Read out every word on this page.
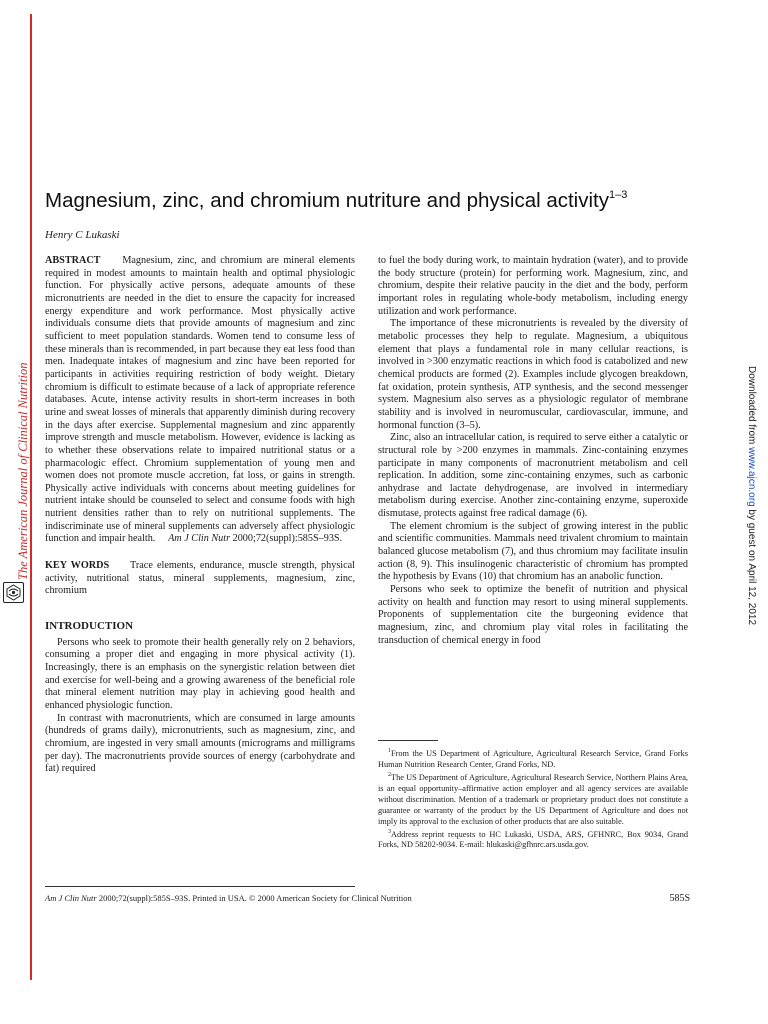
The American Journal of Clinical Nutrition	Downloaded from www.ajcn.org by guest on April 12, 2012
Magnesium, zinc, and chromium nutriture and physical activity$^{1-3}$
Henry C Lukaski

ABSTRACT Magnesium, zinc, and chromium are mineral elements required in modest amounts to maintain health and optimal physiologic function. For physically active persons, adequate amounts of these micronutrients are needed in the diet to ensure the capacity for increased energy expenditure and work performance. Most physically active individuals consume diets that provide amounts of magnesium and zinc sufficient to meet population standards. Women tend to consume less of these minerals than is recommended, in part because they eat less food than men. Inadequate intakes of magnesium and zinc have been reported for participants in activities requiring restriction of body weight. Dietary chromium is difficult to estimate because of a lack of appropriate reference databases. Acute, intense activity results in short-term increases in both urine and sweat losses of minerals that apparently diminish during recovery in the days after exercise. Supplemental magnesium and zinc apparently improve strength and muscle metabolism. However, evidence is lacking as to whether these observations relate to impaired nutritional status or a pharmacologic effect. Chromium supplementation of young men and women does not promote muscle accretion, fat loss, or gains in strength. Physically active individuals with concerns about meeting guidelines for nutrient intake should be counseled to select and consume foods with high nutrient densities rather than to rely on nutritional supplements. The indiscriminate use of mineral supplements can adversely affect physiologic function and impair health. Am J Clin Nutr 2000;72(suppl):585S–93S.

KEY WORDS Trace elements, endurance, muscle strength, physical activity, nutritional status, mineral supplements, magnesium, zinc, chromium

INTRODUCTION

Persons who seek to promote their health generally rely on 2 behaviors, consuming a proper diet and engaging in more physical activity (1). Increasingly, there is an emphasis on the synergistic relation between diet and exercise for well-being and a growing awareness of the beneficial role that mineral element nutrition may play in achieving good health and enhanced physiologic function.

In contrast with macronutrients, which are consumed in large amounts (hundreds of grams daily), micronutrients, such as magnesium, zinc, and chromium, are ingested in very small amounts (micrograms and milligrams per day). The macronutrients provide sources of energy (carbohydrate and fat) required

to fuel the body during work, to maintain hydration (water), and to provide the body structure (protein) for performing work. Magnesium, zinc, and chromium, despite their relative paucity in the diet and the body, perform important roles in regulating whole-body metabolism, including energy utilization and work performance.

The importance of these micronutrients is revealed by the diversity of metabolic processes they help to regulate. Magnesium, a ubiquitous element that plays a fundamental role in many cellular reactions, is involved in >300 enzymatic reactions in which food is catabolized and new chemical products are formed (2). Examples include glycogen breakdown, fat oxidation, protein synthesis, ATP synthesis, and the second messenger system. Magnesium also serves as a physiologic regulator of membrane stability and is involved in neuromuscular, cardiovascular, immune, and hormonal function (3–5).

Zinc, also an intracellular cation, is required to serve either a catalytic or structural role by >200 enzymes in mammals. Zinc-containing enzymes participate in many components of macronutrient metabolism and cell replication. In addition, some zinc-containing enzymes, such as carbonic anhydrase and lactate dehydrogenase, are involved in intermediary metabolism during exercise. Another zinc-containing enzyme, superoxide dismutase, protects against free radical damage (6).

The element chromium is the subject of growing interest in the public and scientific communities. Mammals need trivalent chromium to maintain balanced glucose metabolism (7), and thus chromium may facilitate insulin action (8, 9). This insulinogenic characteristic of chromium has prompted the hypothesis by Evans (10) that chromium has an anabolic function.

Persons who seek to optimize the benefit of nutrition and physical activity on health and function may resort to using mineral supplements. Proponents of supplementation cite the burgeoning evidence that magnesium, zinc, and chromium play vital roles in facilitating the transduction of chemical energy in food

$^1$From the US Department of Agriculture, Agricultural Research Service, Grand Forks Human Nutrition Research Center, Grand Forks, ND.

$^2$The US Department of Agriculture, Agricultural Research Service, Northern Plains Area, is an equal opportunity–affirmative action employer and all agency services are available without discrimination. Mention of a trademark or proprietary product does not constitute a guarantee or warranty of the product by the US Department of Agriculture and does not imply its approval to the exclusion of other products that are also suitable.

$^3$Address reprint requests to HC Lukaski, USDA, ARS, GFHNRC, Box 9034, Grand Forks, ND 58202-9034. E-mail: hlukaski@gfhnrc.ars.usda.gov.

Am J Clin Nutr 2000;72(suppl):585S–93S. Printed in USA. © 2000 American Society for Clinical Nutrition	585S
